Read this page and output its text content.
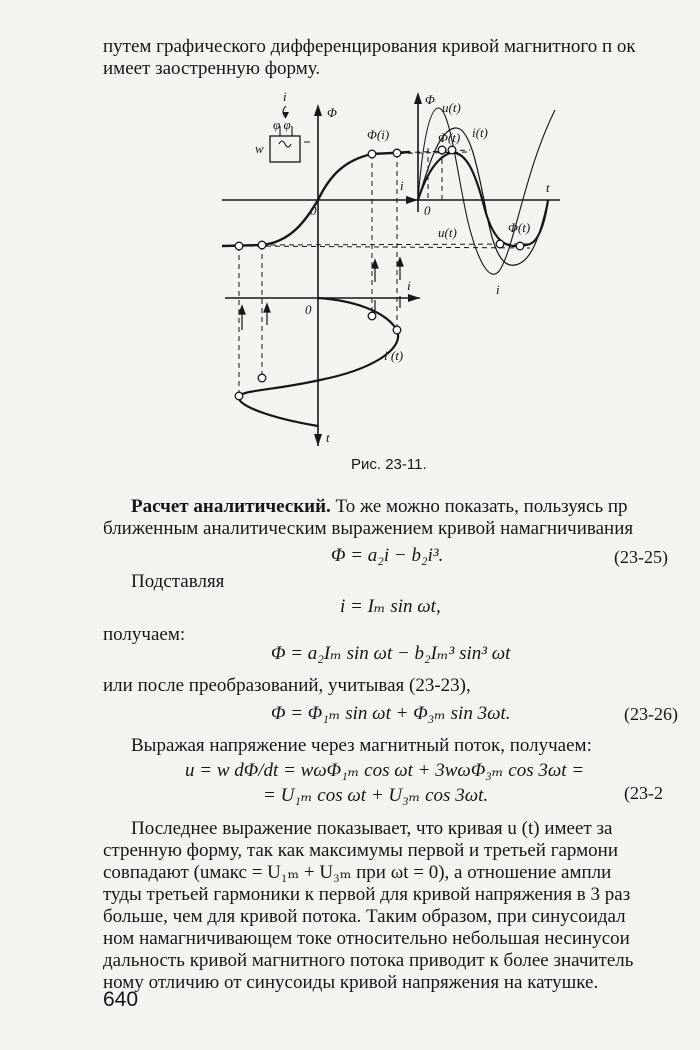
путем графического дифференцирования кривой магнитного п ок
имеет заостренную форму.
i
φ φ
w
Φ
Φ(i)
0
i
0
0
i
t
i (t)
Φ
u(t)
Φ(t) i(t)
t
u(t)	Φ(t)
i
Рис. 23-11.
Расчет аналитический. То же можно показать, пользуясь пр
ближенным аналитическим выражением кривой намагничивания
Φ = a₂i − b₂i³.	(23-25)
Подставляя
i = Iₘ sin ωt,
получаем:
Φ = a₂Iₘ sin ωt − b₂Iₘ³ sin³ ωt
или после преобразований, учитывая (23-23),
Φ = Φ₁ₘ sin ωt + Φ₃ₘ sin 3ωt.	(23-26)
Выражая напряжение через магнитный поток, получаем:
u = w dΦ/dt = wωΦ₁ₘ cos ωt + 3wωΦ₃ₘ cos 3ωt =
= U₁ₘ cos ωt + U₃ₘ cos 3ωt.	(23-2
Последнее выражение показывает, что кривая u (t) имеет за
стренную форму, так как максимумы первой и третьей гармони
совпадают (uмакс = U₁ₘ + U₃ₘ при ωt = 0), а отношение ампли
туды третьей гармоники к первой для кривой напряжения в 3 раз
больше, чем для кривой потока. Таким образом, при синусоидал
ном намагничивающем токе относительно небольшая несинусои
дальность кривой магнитного потока приводит к более значитель
ному отличию от синусоиды кривой напряжения на катушке.
640
